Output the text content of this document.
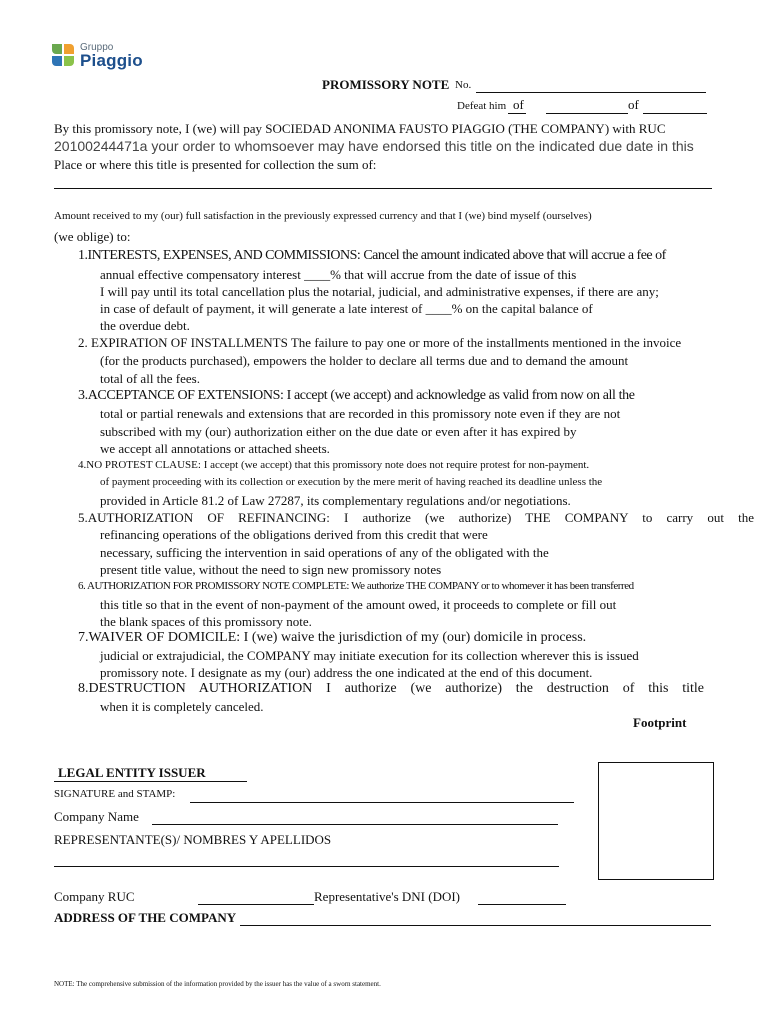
Gruppo
Piaggio
PROMISSORY NOTE No.
Defeat him of	of
By this promissory note, I (we) will pay SOCIEDAD ANONIMA FAUSTO PIAGGIO (THE COMPANY) with RUC
20100244471a your order to whomsoever may have endorsed this title on the indicated due date in this
Place or where this title is presented for collection the sum of:
Amount received to my (our) full satisfaction in the previously expressed currency and that I (we) bind myself (ourselves)
(we oblige) to:
1.INTERESTS, EXPENSES, AND COMMISSIONS: Cancel the amount indicated above that will accrue a fee of
annual effective compensatory interest ____% that will accrue from the date of issue of this
I will pay until its total cancellation plus the notarial, judicial, and administrative expenses, if there are any;
in case of default of payment, it will generate a late interest of ____% on the capital balance of
the overdue debt.
2. EXPIRATION OF INSTALLMENTS The failure to pay one or more of the installments mentioned in the invoice
(for the products purchased), empowers the holder to declare all terms due and to demand the amount
total of all the fees.
3.ACCEPTANCE OF EXTENSIONS: I accept (we accept) and acknowledge as valid from now on all the
total or partial renewals and extensions that are recorded in this promissory note even if they are not
subscribed with my (our) authorization either on the due date or even after it has expired by
we accept all annotations or attached sheets.
4.NO PROTEST CLAUSE: I accept (we accept) that this promissory note does not require protest for non-payment.
of payment proceeding with its collection or execution by the mere merit of having reached its deadline unless the
provided in Article 81.2 of Law 27287, its complementary regulations and/or negotiations.
5.AUTHORIZATION OF REFINANCING: I authorize (we authorize) THE COMPANY to carry out the
refinancing operations of the obligations derived from this credit that were
necessary, sufficing the intervention in said operations of any of the obligated with the
present title value, without the need to sign new promissory notes
6. AUTHORIZATION FOR PROMISSORY NOTE COMPLETE: We authorize THE COMPANY or to whomever it has been transferred
this title so that in the event of non-payment of the amount owed, it proceeds to complete or fill out
the blank spaces of this promissory note.
7.WAIVER OF DOMICILE: I (we) waive the jurisdiction of my (our) domicile in process.
judicial or extrajudicial, the COMPANY may initiate execution for its collection wherever this is issued
promissory note. I designate as my (our) address the one indicated at the end of this document.
8.DESTRUCTION AUTHORIZATION I authorize (we authorize) the destruction of this title
when it is completely canceled.
Footprint
LEGAL ENTITY ISSUER
SIGNATURE and STAMP:
Company Name
REPRESENTANTE(S)/ NOMBRES Y APELLIDOS
Company RUC	Representative's DNI (DOI)
ADDRESS OF THE COMPANY
NOTE: The comprehensive submission of the information provided by the issuer has the value of a sworn statement.
